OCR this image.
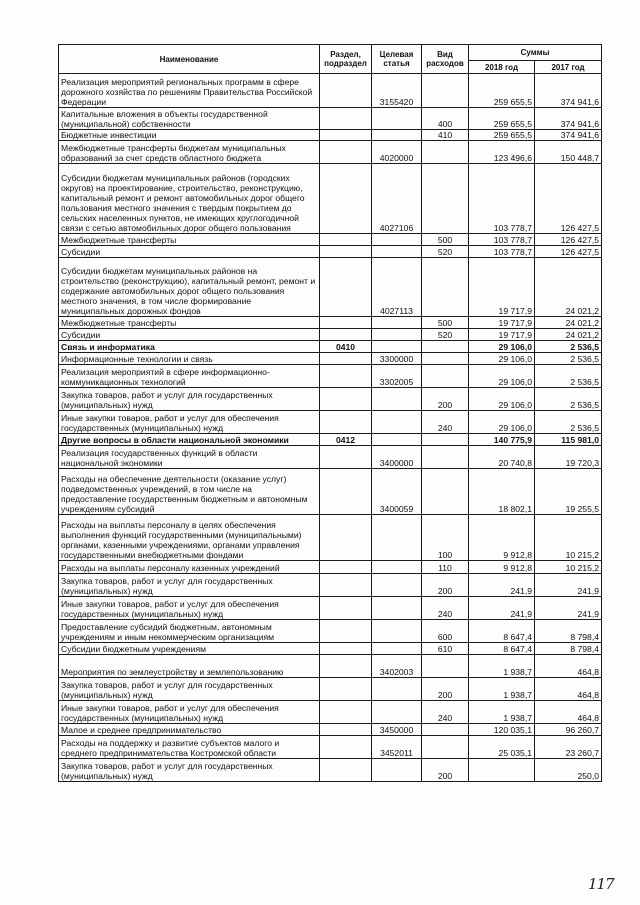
Наименование	Раздел, подраздел	Целевая статья	Вид расходов	Суммы	
				2018 год	2017 год
Реализация мероприятий региональных программ в сфере дорожного хозяйства по решениям Правительства Российской Федерации		3155420		259 655,5	374 941,6
Капитальные вложения в объекты государственной (муниципальной) собственности			400	259 655,5	374 941,6
Бюджетные инвестиции			410	259 655,5	374 941,6
Межбюджетные трансферты бюджетам муниципальных образований за счет средств областного бюджета		4020000		123 496,6	150 448,7
Субсидии бюджетам муниципальных районов (городских округов) на проектирование, строительство, реконструкцию, капитальный ремонт и ремонт автомобильных дорог общего пользования местного значения с твердым покрытием до сельских населенных пунктов, не имеющих круглогодичной связи с сетью автомобильных дорог общего пользования		4027106		103 778,7	126 427,5
Межбюджетные трансферты			500	103 778,7	126 427,5
Субсидии			520	103 778,7	126 427,5
Субсидии бюджетам муниципальных районов на строительство (реконструкцию), капитальный ремонт, ремонт и содержание автомобильных дорог общего пользования местного значения, в том числе формирование муниципальных дорожных фондов		4027113		19 717,9	24 021,2
Межбюджетные трансферты			500	19 717,9	24 021,2
Субсидии			520	19 717,9	24 021,2
Связь и информатика	0410			29 106,0	2 536,5
Информационные технологии и связь		3300000		29 106,0	2 536,5
Реализация мероприятий в сфере информационно-коммуникационных технологий		3302005		29 106,0	2 536,5
Закупка товаров, работ и услуг для государственных (муниципальных) нужд			200	29 106,0	2 536,5
Иные закупки товаров, работ и услуг для обеспечения государственных (муниципальных) нужд			240	29 106,0	2 536,5
Другие вопросы в области национальной экономики	0412			140 775,9	115 981,0
Реализация государственных функций в области национальной экономики		3400000		20 740,8	19 720,3
Расходы на обеспечение деятельности (оказание услуг) подведомственных учреждений, в том числе на предоставление государственным бюджетным и автономным учреждениям субсидий		3400059		18 802,1	19 255,5
Расходы на выплаты персоналу в целях обеспечения выполнения функций государственными (муниципальными) органами, казенными учреждениями, органами управления государственными внебюджетными фондами			100	9 912,8	10 215,2
Расходы на выплаты персоналу казенных учреждений			110	9 912,8	10 215,2
Закупка товаров, работ и услуг для государственных (муниципальных) нужд			200	241,9	241,9
Иные закупки товаров, работ и услуг для обеспечения государственных (муниципальных) нужд			240	241,9	241,9
Предоставление субсидий бюджетным, автономным учреждениям и иным некоммерческим организациям			600	8 647,4	8 798,4
Субсидии бюджетным учреждениям			610	8 647,4	8 798,4
Мероприятия по землеустройству и землепользованию		3402003		1 938,7	464,8
Закупка товаров, работ и услуг для государственных (муниципальных) нужд			200	1 938,7	464,8
Иные закупки товаров, работ и услуг для обеспечения государственных (муниципальных) нужд			240	1 938,7	464,8
Малое и среднее предпринимательство		3450000		120 035,1	96 260,7
Расходы на поддержку и развитие субъектов малого и среднего предпринимательства Костромской области		3452011		25 035,1	23 260,7
Закупка товаров, работ и услуг для государственных (муниципальных) нужд			200		250,0
117
